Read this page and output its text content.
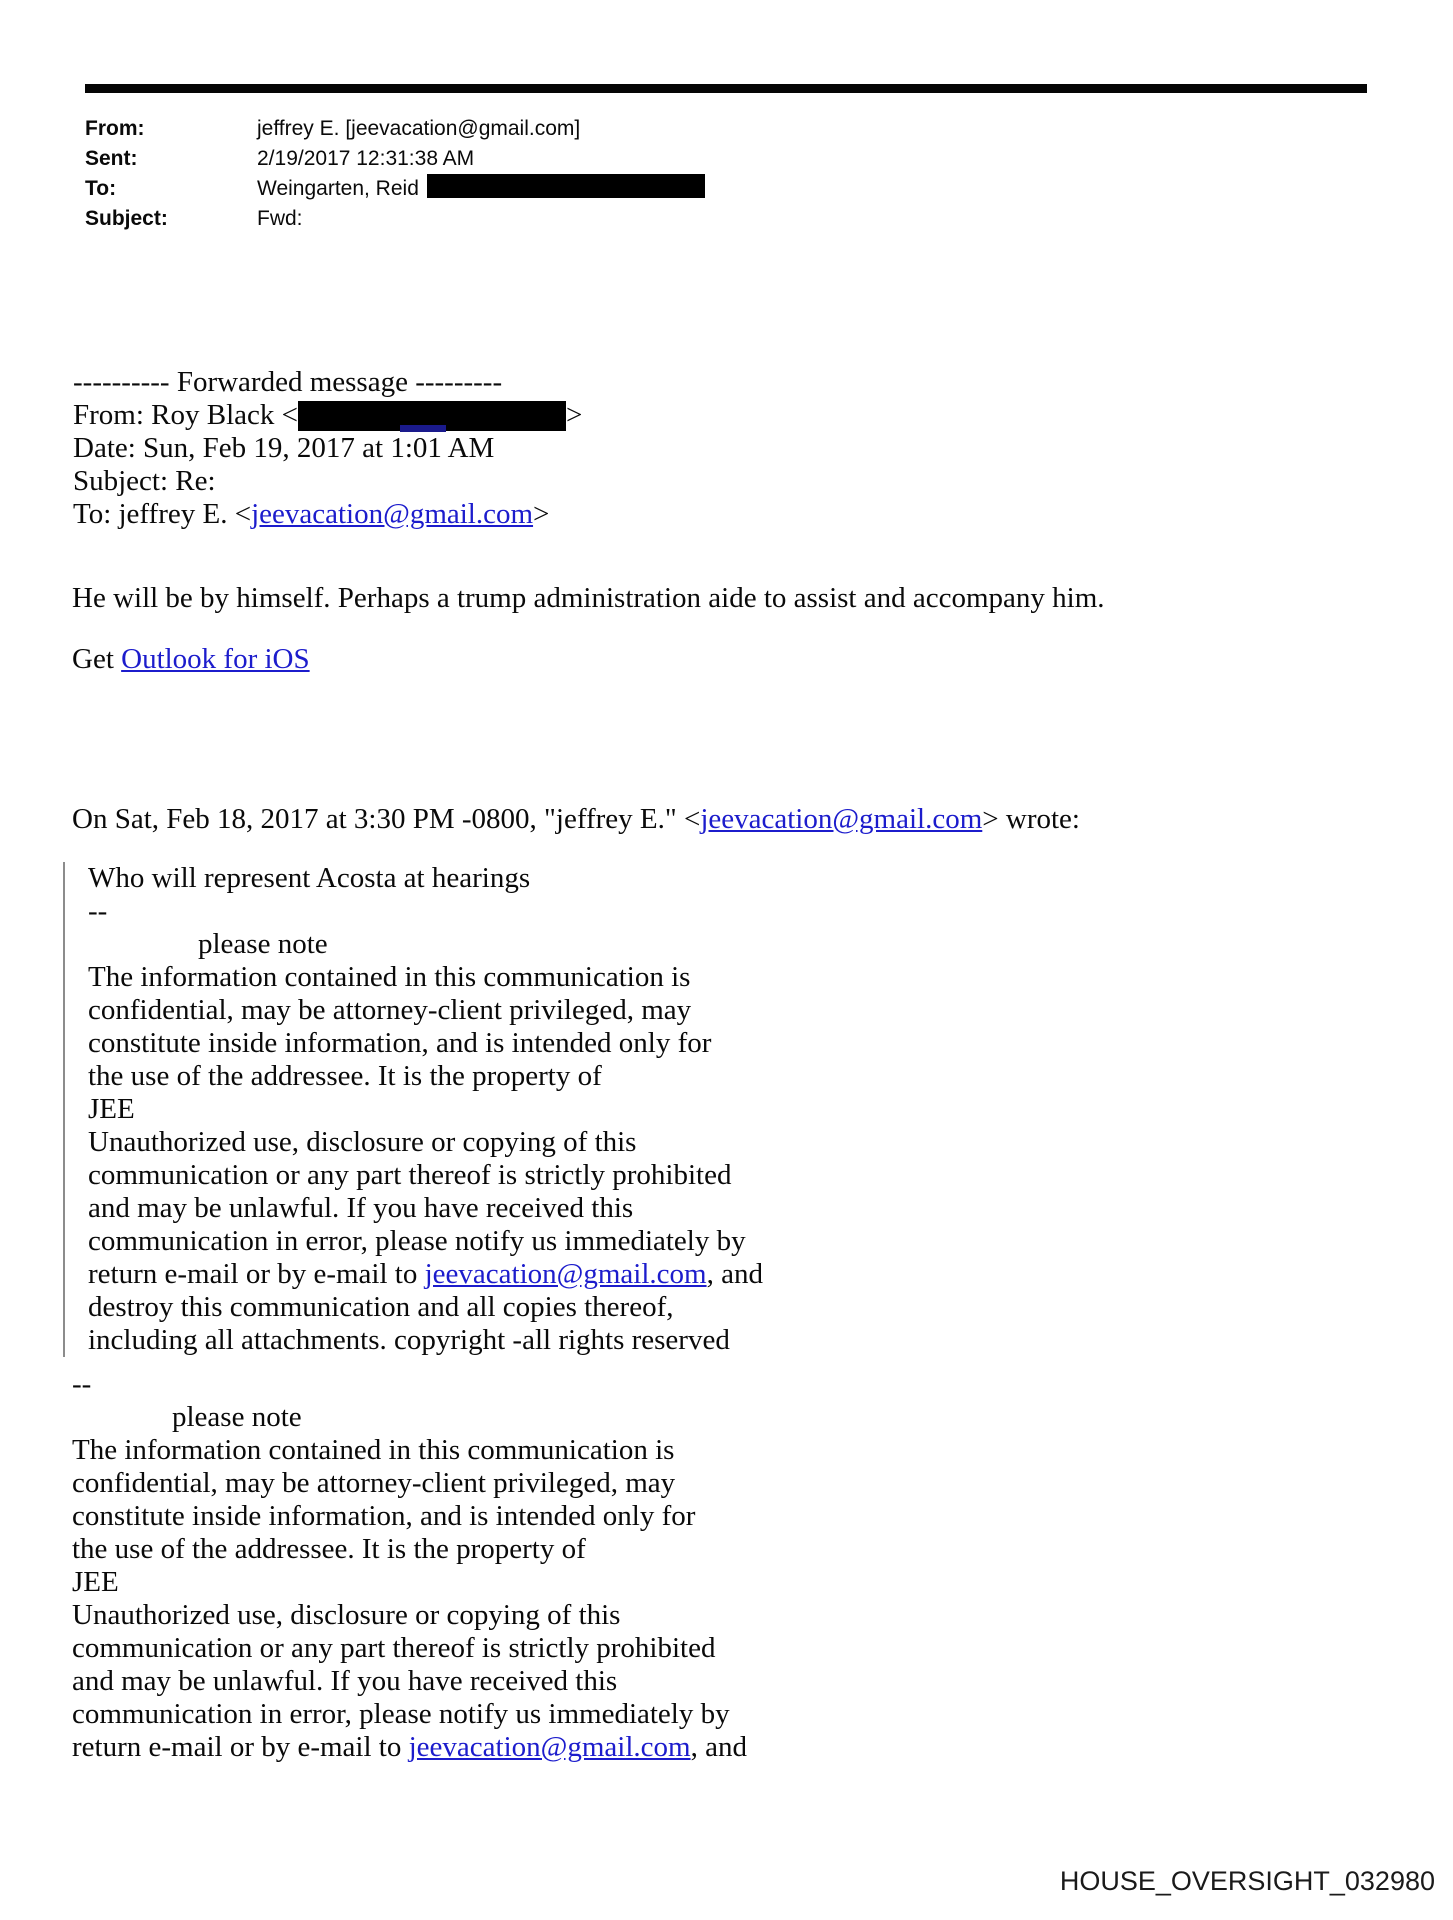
From:	jeffrey E. [jeevacation@gmail.com]
Sent:	2/19/2017 12:31:38 AM
To:	Weingarten, Reid
Subject:	Fwd:
---------- Forwarded message ---------
From: Roy Black <	>
Date: Sun, Feb 19, 2017 at 1:01 AM
Subject: Re:
To: jeffrey E. <jeevacation@gmail.com>
He will be by himself. Perhaps a trump administration aide to assist and accompany him.
Get Outlook for iOS
On Sat, Feb 18, 2017 at 3:30 PM -0800, "jeffrey E." <jeevacation@gmail.com> wrote:
Who will represent Acosta at hearings
--
please note
The information contained in this communication is
confidential, may be attorney-client privileged, may
constitute inside information, and is intended only for
the use of the addressee. It is the property of
JEE
Unauthorized use, disclosure or copying of this
communication or any part thereof is strictly prohibited
and may be unlawful. If you have received this
communication in error, please notify us immediately by
return e-mail or by e-mail to jeevacation@gmail.com, and
destroy this communication and all copies thereof,
including all attachments. copyright -all rights reserved
--
please note
The information contained in this communication is
confidential, may be attorney-client privileged, may
constitute inside information, and is intended only for
the use of the addressee. It is the property of
JEE
Unauthorized use, disclosure or copying of this
communication or any part thereof is strictly prohibited
and may be unlawful. If you have received this
communication in error, please notify us immediately by
return e-mail or by e-mail to jeevacation@gmail.com, and
HOUSE_OVERSIGHT_032980
